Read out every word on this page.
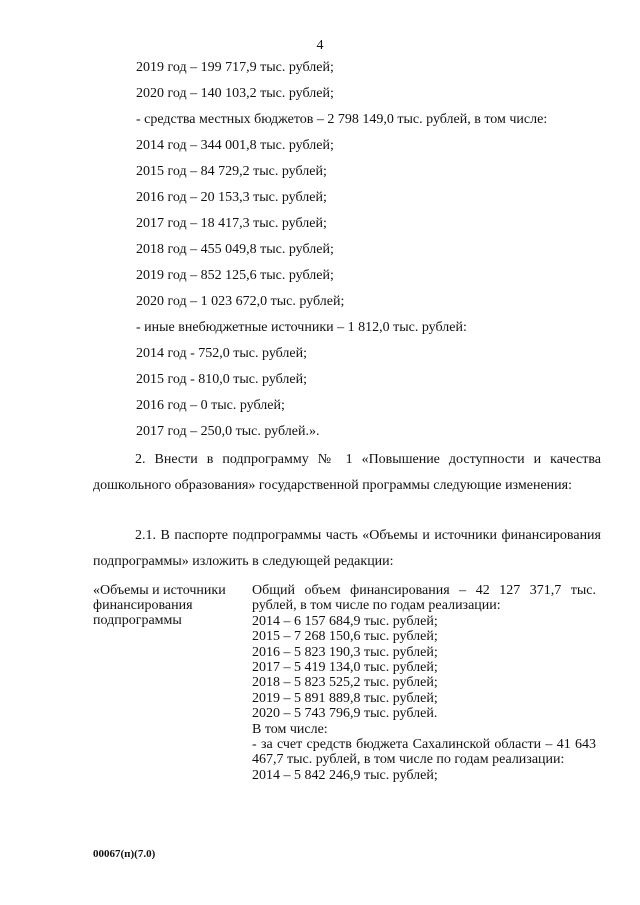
4
2019 год – 199 717,9 тыс. рублей;
2020 год – 140 103,2 тыс. рублей;
- средства местных бюджетов – 2 798 149,0 тыс. рублей, в том числе:
2014 год – 344 001,8 тыс. рублей;
2015 год – 84 729,2 тыс. рублей;
2016 год – 20 153,3 тыс. рублей;
2017 год – 18 417,3 тыс. рублей;
2018 год – 455 049,8 тыс. рублей;
2019 год – 852 125,6 тыс. рублей;
2020 год – 1 023 672,0 тыс. рублей;
- иные внебюджетные источники – 1 812,0 тыс. рублей:
2014 год - 752,0 тыс. рублей;
2015 год - 810,0 тыс. рублей;
2016 год – 0 тыс. рублей;
2017 год – 250,0 тыс. рублей.».

2. Внести в подпрограмму № 1 «Повышение доступности и качества дошкольного образования» государственной программы следующие изменения:

2.1. В паспорте подпрограммы часть «Объемы и источники финансирования подпрограммы» изложить в следующей редакции:

«Объемы и источники финансирования подпрограммы
Общий объем финансирования – 42 127 371,7 тыс. рублей, в том числе по годам реализации:
2014 – 6 157 684,9 тыс. рублей;
2015 – 7 268 150,6 тыс. рублей;
2016 – 5 823 190,3 тыс. рублей;
2017 – 5 419 134,0 тыс. рублей;
2018 – 5 823 525,2 тыс. рублей;
2019 – 5 891 889,8 тыс. рублей;
2020 – 5 743 796,9 тыс. рублей.
В том числе:
- за счет средств бюджета Сахалинской области – 41 643 467,7 тыс. рублей, в том числе по годам реализации:
2014 – 5 842 246,9 тыс. рублей;
00067(п)(7.0)
